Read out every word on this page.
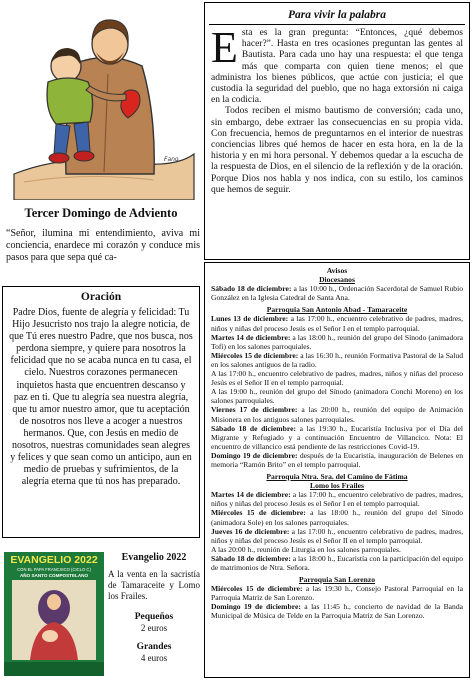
Fano
Tercer Domingo de Adviento
“Señor, ilumina mi entendimiento, aviva mi conciencia, enardece mi corazón y conduce mis pasos para que sepa qué ca-
Oración
Padre Dios, fuente de alegría y felicidad: Tu Hijo Jesucristo nos trajo la alegre noticia, de que Tú eres nuestro Padre, que nos busca, nos perdona siempre, y quiere para nosotros la felicidad que no se acaba nunca en tu casa, el cielo. Nuestros corazones permanecen inquietos hasta que encuentren descanso y paz en ti. Que tu alegría sea nuestra alegría, que tu amor nuestro amor, que tu aceptación de nosotros nos lleve a acoger a nuestros hermanos. Que, con Jesús en medio de nosotros, nuestras comunidades sean alegres y felices y que sean como un anticipo, aun en medio de pruebas y sufrimientos, de la alegría eterna que tú nos has preparado.
EVANGELIO 2022
CON EL PAPA FRANCISCO (CICLO C)
AÑO SANTO COMPOSTELANO
Evangelio 2022
A la venta en la sacristía de Tamaraceite y Lomo los Frailes.
Pequeños
2 euros
Grandes
4 euros
Para vivir la palabra

Esta es la gran pregunta: “Entonces, ¿qué debemos hacer?”. Hasta en tres ocasiones preguntan las gentes al Bautista. Para cada uno hay una respuesta: el que tenga más que comparta con quien tiene menos; el que administra los bienes públicos, que actúe con justicia; el que custodia la seguridad del pueblo, que no haga extorsión ni caiga en la codicia.

Todos reciben el mismo bautismo de conversión; cada uno, sin embargo, debe extraer las consecuencias en su propia vida. Con frecuencia, hemos de preguntarnos en el interior de nuestras conciencias libres qué hemos de hacer en esta hora, en la de la historia y en mi hora personal. Y debemos quedar a la escucha de la respuesta de Dios, en el silencio de la reflexión y de la oración. Porque Dios nos habla y nos indica, con su estilo, los caminos que hemos de seguir.

Avisos
Diocesanos

Sábado 18 de diciembre: a las 10:00 h., Ordenación Sacerdotal de Samuel Rubio González en la Iglesia Catedral de Santa Ana.

Parroquia San Antonio Abad - Tamaraceite

Lunes 13 de diciembre: a las 17:00 h., encuentro celebrativo de padres, madres, niños y niñas del proceso Jesús es el Señor I en el templo parroquial.

Martes 14 de diciembre: a las 18:00 h., reunión del grupo del Sínodo (animadora Tofi) en los salones parroquiales.

Miércoles 15 de diciembre: a las 16:30 h., reunión Formativa Pastoral de la Salud en los salones antiguos de la radio.

A las 17:00 h., encuentro celebrativo de padres, madres, niños y niñas del proceso Jesús es el Señor II en el templo parroquial.

A las 19:00 h., reunión del grupo del Sínodo (animadora Conchi Moreno) en los salones parroquiales.

Viernes 17 de diciembre: a las 20:00 h., reunión del equipo de Animación Misionera en los antiguos salones parroquiales.

Sábado 18 de diciembre: a las 19:30 h., Eucaristía Inclusiva por el Día del Migrante y Refugiado y a continuación Encuentro de Villancico. Nota: El encuentro de villancico está pendiente de las restricciones Covid-19.

Domingo 19 de diciembre: después de la Eucaristía, inauguración de Belenes en memoria “Ramón Brito” en el templo parroquial.

Parroquia Ntra. Sra. del Camino de Fátima
Lomo los Frailes

Martes 14 de diciembre: a las 17:00 h., encuentro celebrativo de padres, madres, niños y niñas del proceso Jesús es el Señor I en el templo parroquial.

Miércoles 15 de diciembre: a las 18:00 h., reunión del grupo del Sínodo (animadora Sole) en los salones parroquiales.

Jueves 16 de diciembre: a las 17:00 h., encuentro celebrativo de padres, madres, niños y niñas del proceso Jesús es el Señor II en el templo parroquial.

A las 20:00 h., reunión de Liturgia en los salones parroquiales.

Sábado 18 de diciembre: a las 18:00 h., Eucaristía con la participación del equipo de matrimonios de Ntra. Señora.

Parroquia San Lorenzo

Miércoles 15 de diciembre: a las 19:30 h., Consejo Pastoral Parroquial en la Parroquia Matriz de San Lorenzo.

Domingo 19 de diciembre: a las 11:45 h., concierto de navidad de la Banda Municipal de Música de Telde en la Parroquia Matriz de San Lorenzo.
